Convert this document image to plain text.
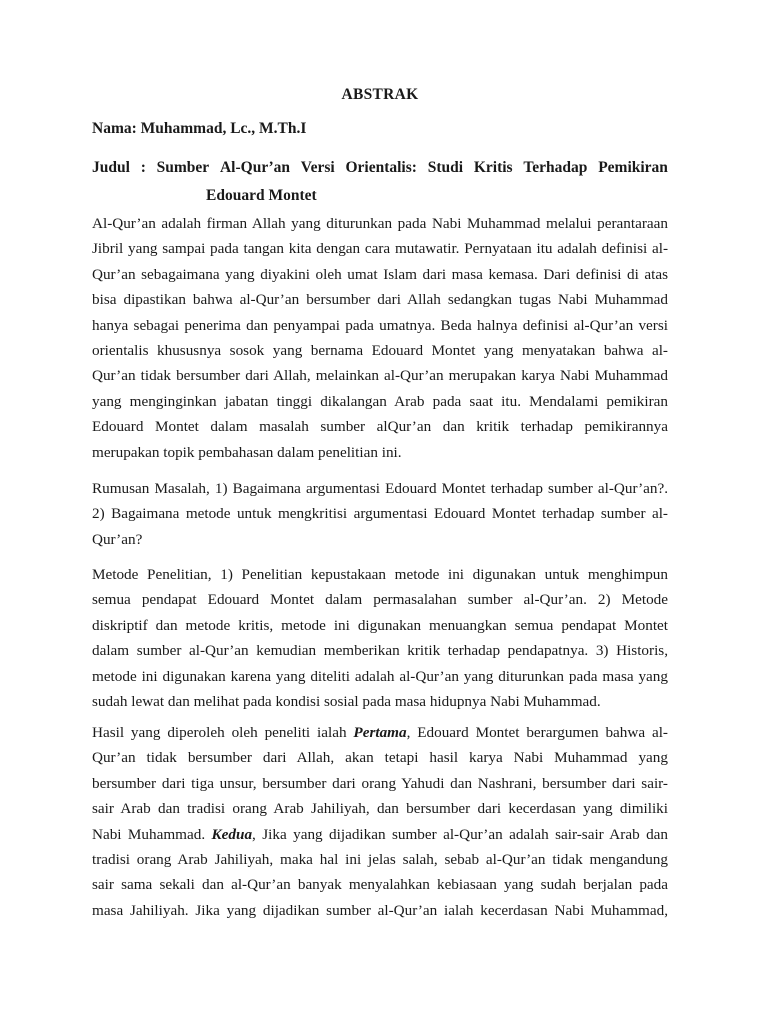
ABSTRAK
Nama: Muhammad, Lc., M.Th.I
Judul : Sumber Al-Qur’an Versi Orientalis: Studi Kritis Terhadap Pemikiran
Edouard Montet
Al-Qur’an adalah firman Allah yang diturunkan pada Nabi Muhammad melalui perantaraan
Jibril yang sampai pada tangan kita dengan cara mutawatir. Pernyataan itu adalah definisi al-
Qur’an sebagaimana yang diyakini oleh umat Islam dari masa kemasa. Dari definisi di atas
bisa dipastikan bahwa al-Qur’an bersumber dari Allah sedangkan tugas Nabi Muhammad
hanya sebagai penerima dan penyampai pada umatnya. Beda halnya definisi al-Qur’an versi
orientalis khususnya sosok yang bernama Edouard Montet yang menyatakan bahwa al-
Qur’an tidak bersumber dari Allah, melainkan al-Qur’an merupakan karya Nabi Muhammad
yang menginginkan jabatan tinggi dikalangan Arab pada saat itu. Mendalami pemikiran
Edouard Montet dalam masalah sumber alQur’an dan kritik terhadap pemikirannya
merupakan topik pembahasan dalam penelitian ini.
Rumusan Masalah, 1) Bagaimana argumentasi Edouard Montet terhadap sumber al-Qur’an?.
2) Bagaimana metode untuk mengkritisi argumentasi Edouard Montet terhadap sumber al-
Qur’an?
Metode Penelitian, 1) Penelitian kepustakaan metode ini digunakan untuk menghimpun
semua pendapat Edouard Montet dalam permasalahan sumber al-Qur’an. 2) Metode
diskriptif dan metode kritis, metode ini digunakan menuangkan semua pendapat Montet
dalam sumber al-Qur’an kemudian memberikan kritik terhadap pendapatnya. 3) Historis,
metode ini digunakan karena yang diteliti adalah al-Qur’an yang diturunkan pada masa yang
sudah lewat dan melihat pada kondisi sosial pada masa hidupnya Nabi Muhammad.
Hasil yang diperoleh oleh peneliti ialah Pertama, Edouard Montet berargumen bahwa al-
Qur’an tidak bersumber dari Allah, akan tetapi hasil karya Nabi Muhammad yang
bersumber dari tiga unsur, bersumber dari orang Yahudi dan Nashrani, bersumber dari sair-
sair Arab dan tradisi orang Arab Jahiliyah, dan bersumber dari kecerdasan yang dimiliki
Nabi Muhammad. Kedua, Jika yang dijadikan sumber al-Qur’an adalah sair-sair Arab dan
tradisi orang Arab Jahiliyah, maka hal ini jelas salah, sebab al-Qur’an tidak mengandung
sair sama sekali dan al-Qur’an banyak menyalahkan kebiasaan yang sudah berjalan pada
masa Jahiliyah. Jika yang dijadikan sumber al-Qur’an ialah kecerdasan Nabi Muhammad,
